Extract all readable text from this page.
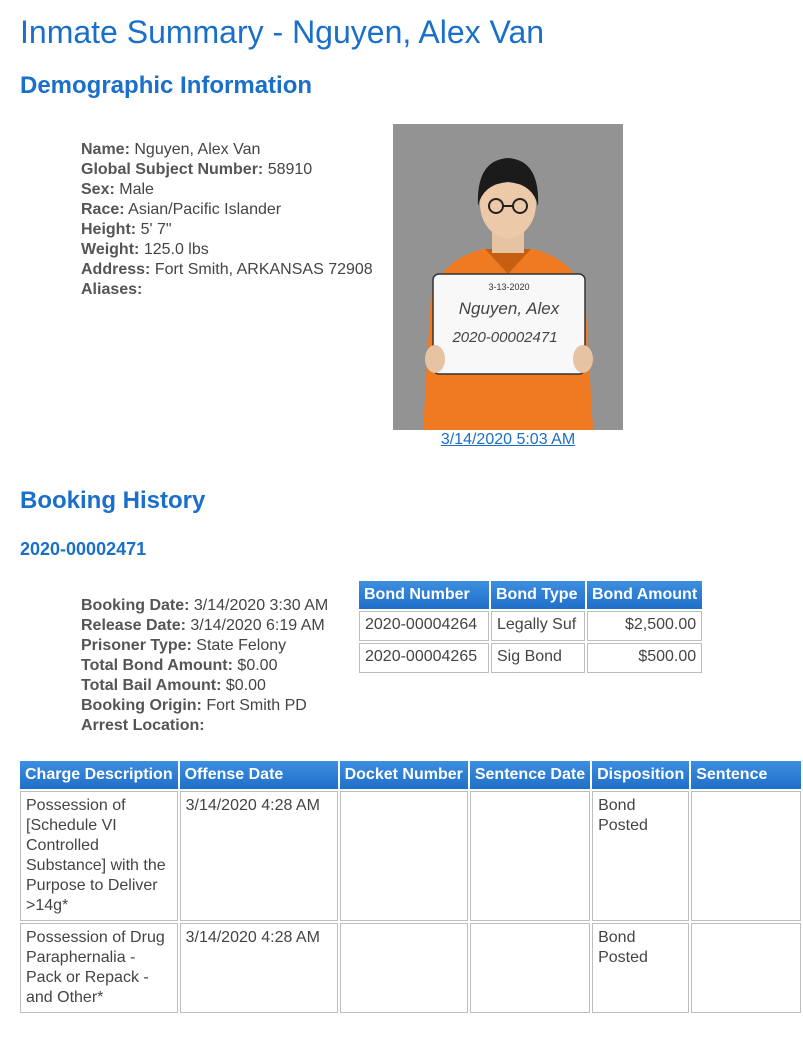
Inmate Summary - Nguyen, Alex Van
Demographic Information
Name: Nguyen, Alex Van
Global Subject Number: 58910
Sex: Male
Race: Asian/Pacific Islander
Height: 5' 7"
Weight: 125.0 lbs
Address: Fort Smith, ARKANSAS 72908
Aliases:	3-13-2020
Nguyen, Alex
2020-00002471
3/14/2020 5:03 AM
Booking History
2020-00002471
Booking Date: 3/14/2020 3:30 AM
Release Date: 3/14/2020 6:19 AM
Prisoner Type: State Felony
Total Bond Amount: $0.00
Total Bail Amount: $0.00
Booking Origin: Fort Smith PD
Arrest Location:
Bond Number	Bond Type	Bond Amount
2020-00004264	Legally Suf	$2,500.00
2020-00004265	Sig Bond	$500.00
Charge Description	Offense Date	Docket Number	Sentence Date	Disposition	Sentence
Possession of [Schedule VI Controlled Substance] with the Purpose to Deliver >14g*	3/14/2020 4:28 AM			Bond Posted	
Possession of Drug Paraphernalia - Pack or Repack - and Other*	3/14/2020 4:28 AM			Bond Posted	
